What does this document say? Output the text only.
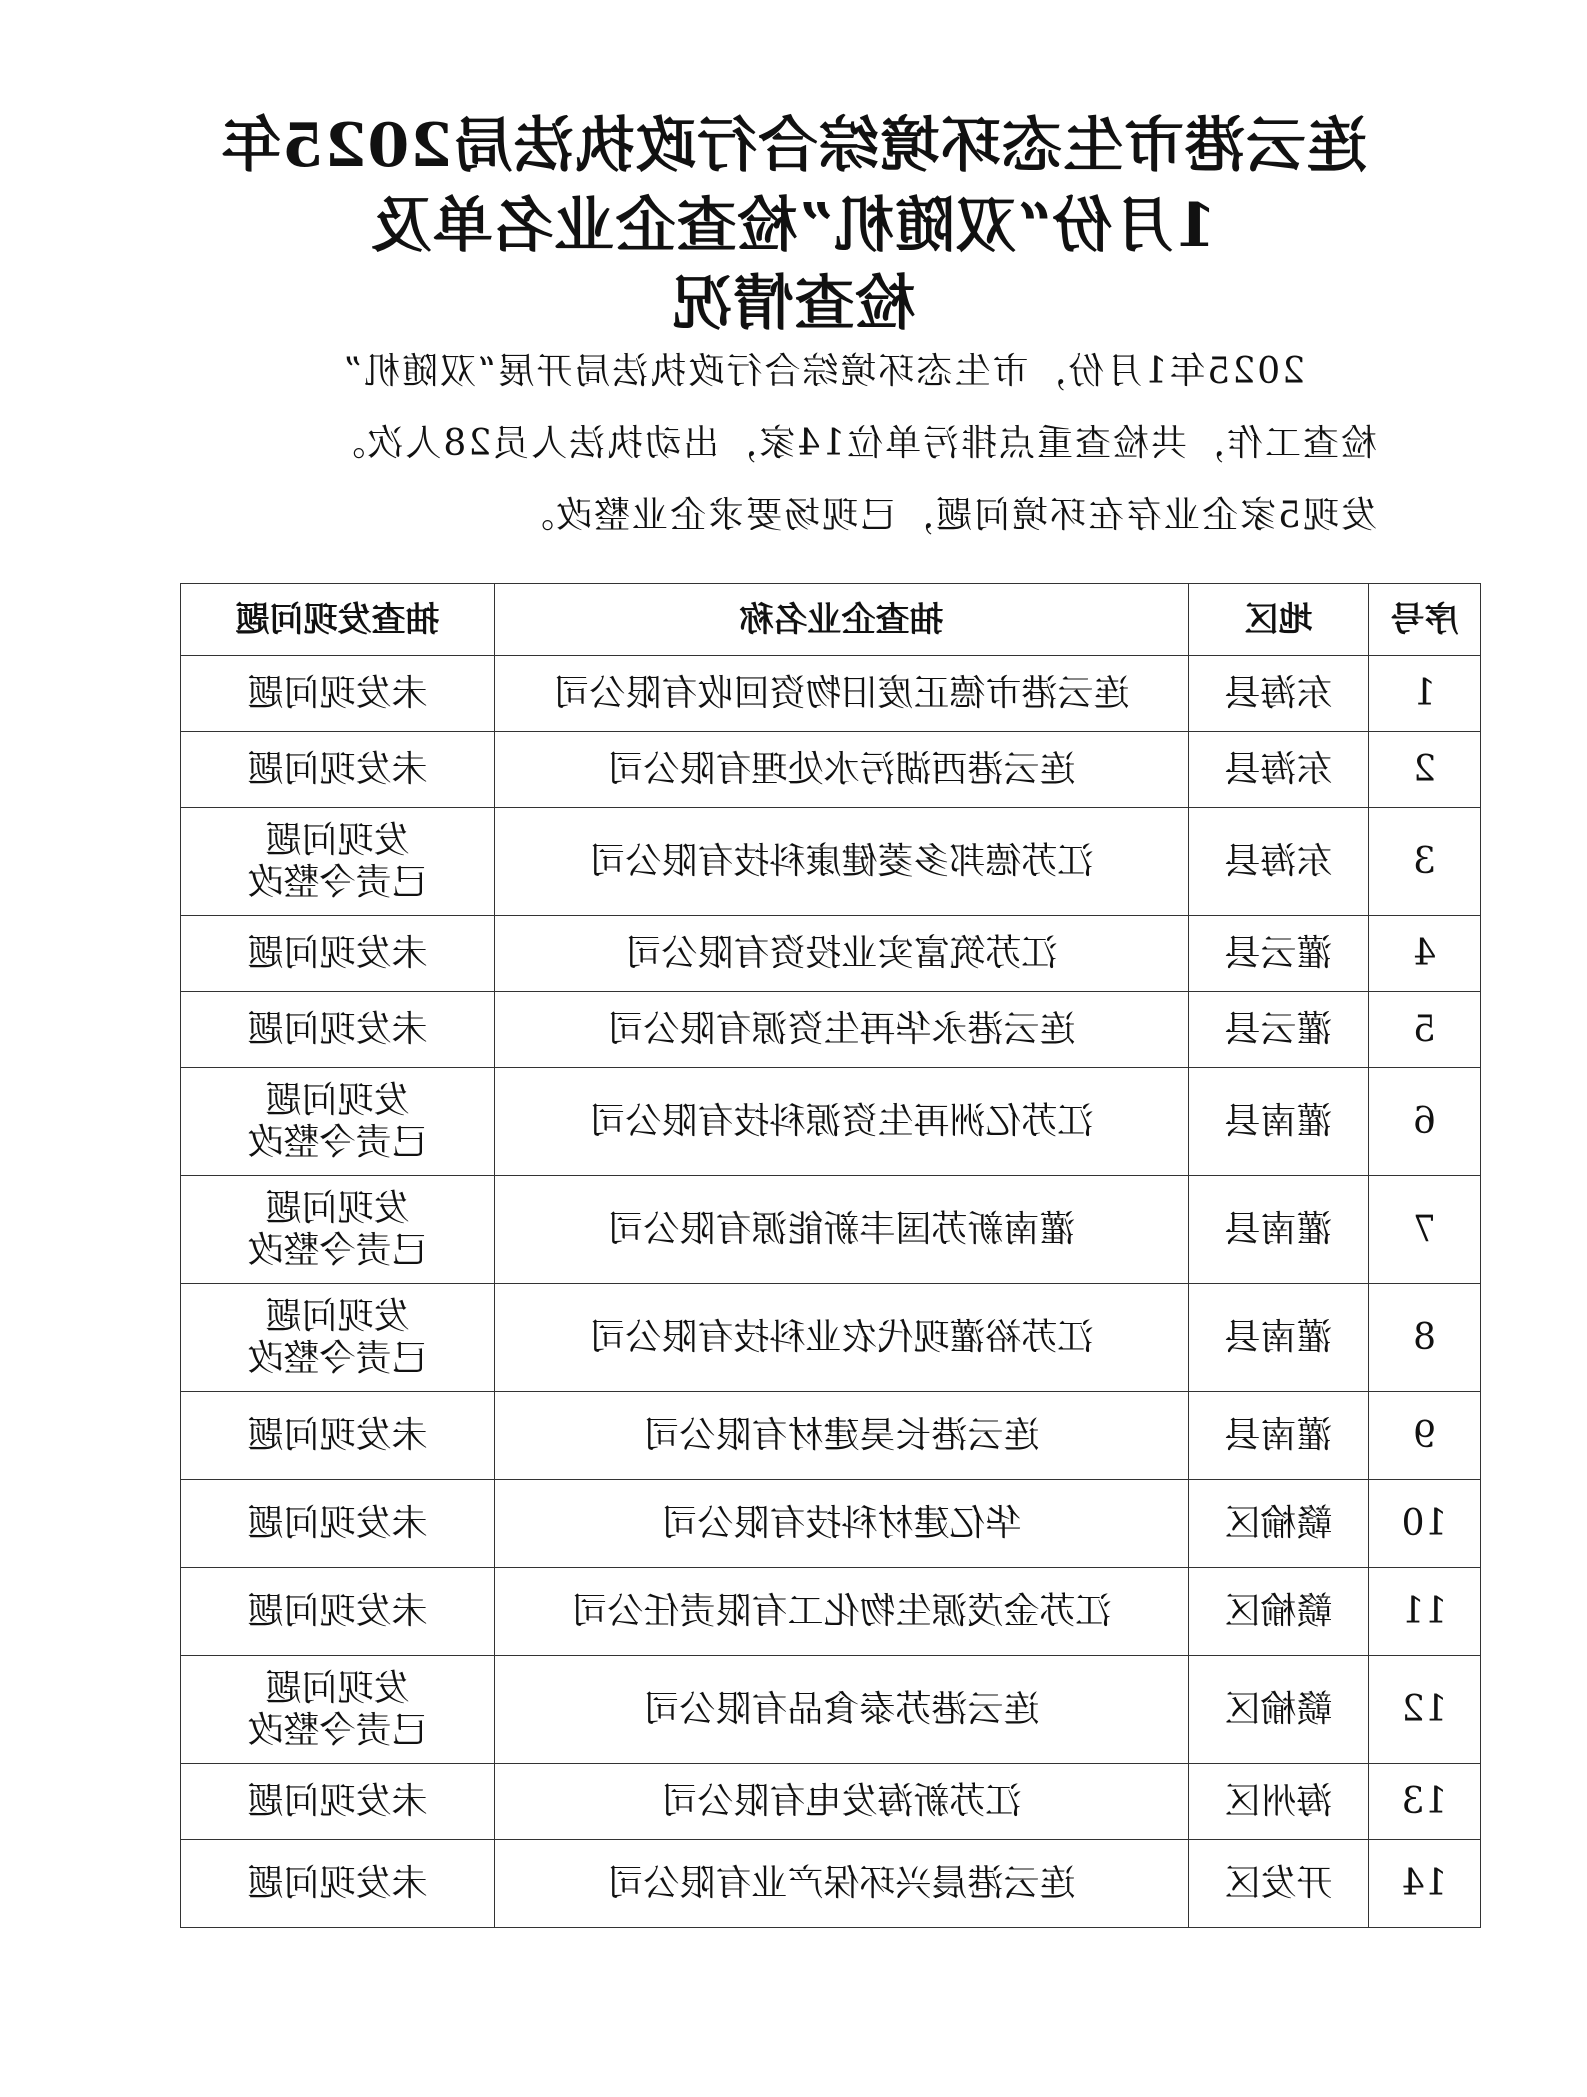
连云港市生态环境综合行政执法局2025年
1月份“双随机”检查企业名单及
检查情况
2025年1月份，市生态环境综合行政执法局开展“双随机”
检查工作，共检查重点排污单位14家，出动执法人员28人次。
发现5家企业存在环境问题，已现场要求企业整改。
序号	地区	抽查企业名称	抽查发现问题
1	东海县	连云港市德正废旧物资回收有限公司	未发现问题

2	东海县	连云港西湖污水处理有限公司	未发现问题

3	东海县	江苏德邦多菱健康科技有限公司	发现问题
已责令整改

4	灌云县	江苏筑富实业投资有限公司	未发现问题

5	灌云县	连云港永华再生资源有限公司	未发现问题

6	灌南县	江苏亿洲再生资源科技有限公司	发现问题
已责令整改

7	灌南县	灌南新苏国丰新能源有限公司	发现问题
已责令整改

8	灌南县	江苏裕灌现代农业科技有限公司	发现问题
已责令整改

9	灌南县	连云港长昊建材有限公司	未发现问题

10	赣榆区	华亿建材科技有限公司	未发现问题

11	赣榆区	江苏金茂源生物化工有限责任公司	未发现问题

12	赣榆区	连云港苏泰食品有限公司	发现问题
已责令整改

13	海州区	江苏新海发电有限公司	未发现问题

14	开发区	连云港晨兴环保产业有限公司	未发现问题
